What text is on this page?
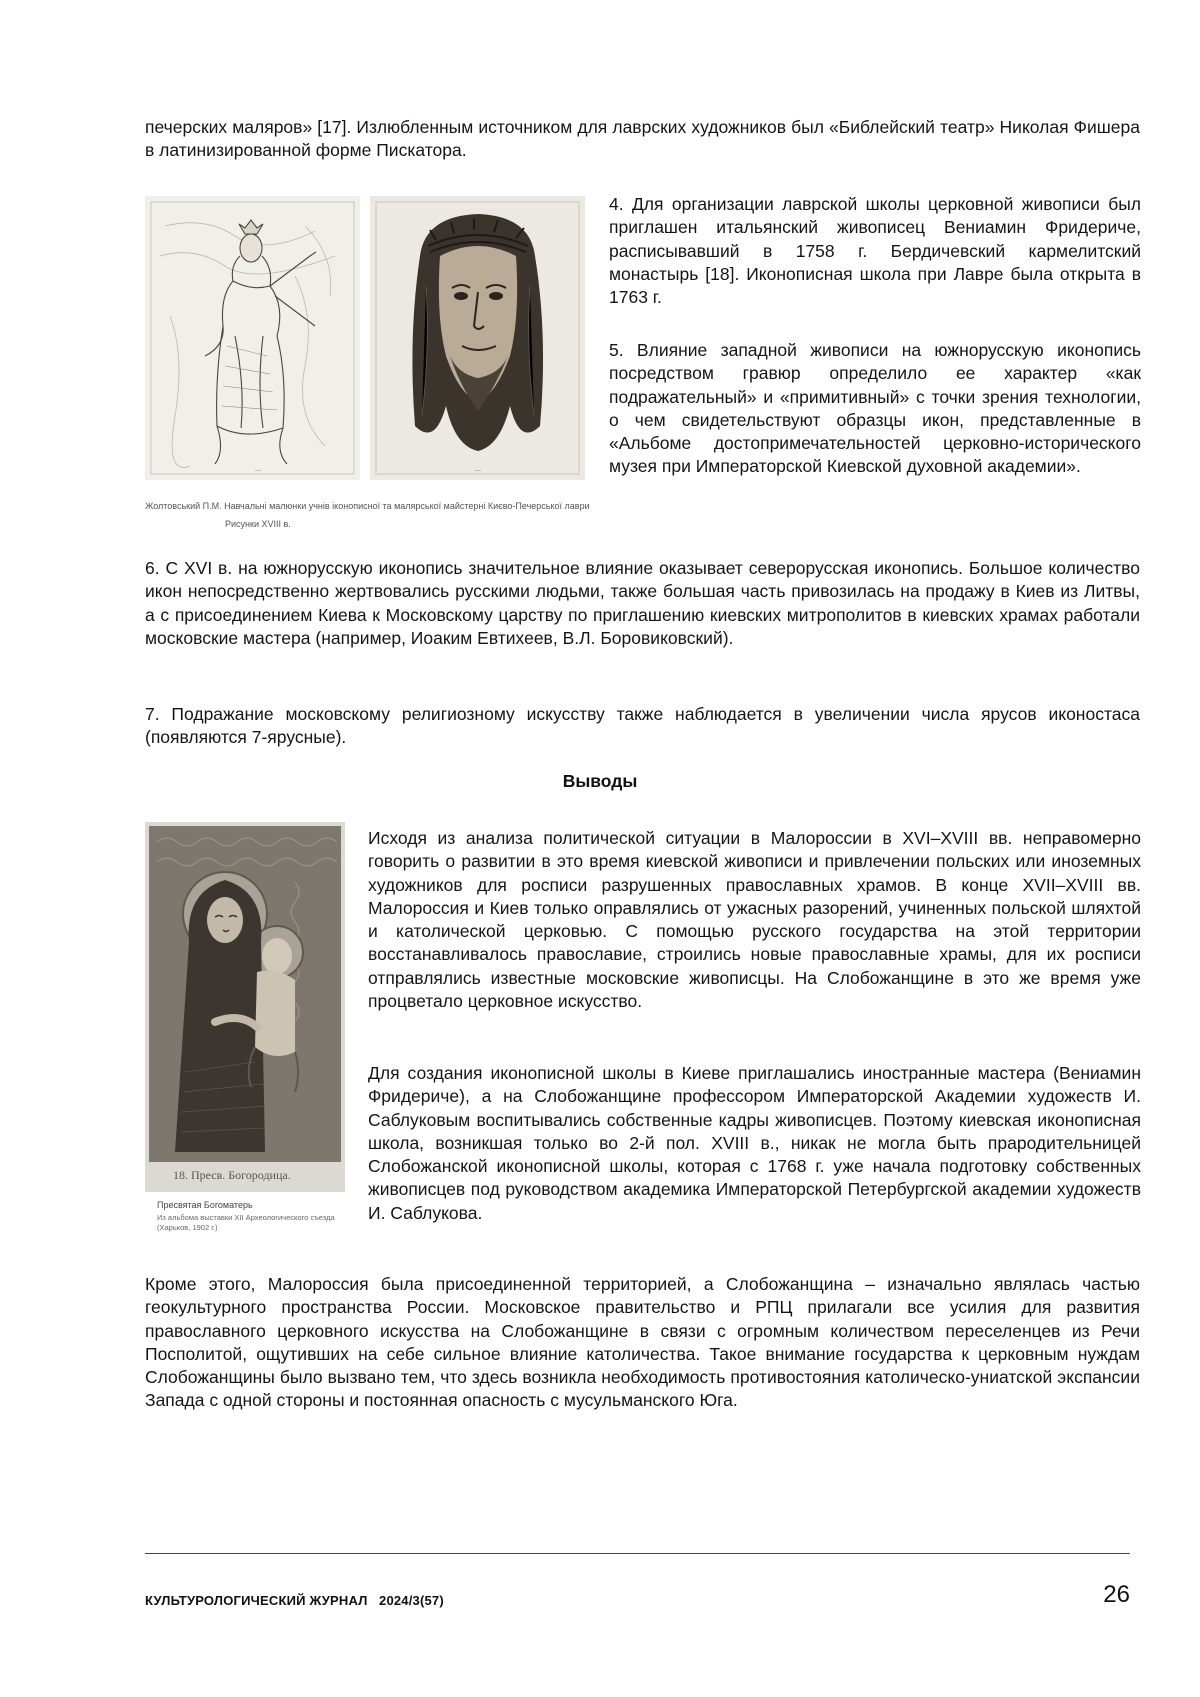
печерских маляров» [17]. Излюбленным источником для лаврских художников был «Библейский театр» Николая Фишера в латинизированной форме Пискатора.

—	—

Жолтовський П.М. Навчальні малюнки учнів іконописної та малярської майстерні Києво-Печерської лаври

Рисунки XVIII в.

4. Для организации лаврской школы церковной живописи был приглашен итальянский живописец Вениамин Фридериче, расписывавший в 1758 г. Бердичевский кармелитский монастырь [18]. Иконописная школа при Лавре была открыта в 1763 г.

5. Влияние западной живописи на южнорусскую иконопись посредством гравюр определило ее характер «как подражательный» и «примитивный» с точки зрения технологии, о чем свидетельствуют образцы икон, представленные в «Альбоме достопримечательностей церковно-исторического музея при Императорской Киевской духовной академии».

6. С XVI в. на южнорусскую иконопись значительное влияние оказывает северорусская иконопись. Большое количество икон непосредственно жертвовались русскими людьми, также большая часть привозилась на продажу в Киев из Литвы, а с присоединением Киева к Московскому царству по приглашению киевских митрополитов в киевских храмах работали московские мастера (например, Иоаким Евтихеев, В.Л. Боровиковский).

7. Подражание московскому религиозному искусству также наблюдается в увеличении числа ярусов иконостаса (появляются 7-ярусные).

Выводы

18. Пресв. Богородица.

Пресвятая Богоматерь

Из альбома выставки XII Археологического съезда (Харьков, 1902 г.)

Исходя из анализа политической ситуации в Малороссии в XVI–XVIII вв. неправомерно говорить о развитии в это время киевской живописи и привлечении польских или иноземных художников для росписи разрушенных православных храмов. В конце XVII–XVIII вв. Малороссия и Киев только оправлялись от ужасных разорений, учиненных польской шляхтой и католической церковью. С помощью русского государства на этой территории восстанавливалось православие, строились новые православные храмы, для их росписи отправлялись известные московские живописцы. На Слобожанщине в это же время уже процветало церковное искусство.

Для создания иконописной школы в Киеве приглашались иностранные мастера (Вениамин Фридериче), а на Слобожанщине профессором Императорской Академии художеств И. Саблуковым воспитывались собственные кадры живописцев. Поэтому киевская иконописная школа, возникшая только во 2-й пол. XVIII в., никак не могла быть прародительницей Слобожанской иконописной школы, которая с 1768 г. уже начала подготовку собственных живописцев под руководством академика Императорской Петербургской академии художеств И. Саблукова.

Кроме этого, Малороссия была присоединенной территорией, а Слобожанщина – изначально являлась частью геокультурного пространства России. Московское правительство и РПЦ прилагали все усилия для развития православного церковного искусства на Слобожанщине в связи с огромным количеством переселенцев из Речи Посполитой, ощутивших на себе сильное влияние католичества. Такое внимание государства к церковным нуждам Слобожанщины было вызвано тем, что здесь возникла необходимость противостояния католическо-униатской экспансии Запада с одной стороны и постоянная опасность с мусульманского Юга.

КУЛЬТУРОЛОГИЧЕСКИЙ ЖУРНАЛ   2024/3(57)	26
